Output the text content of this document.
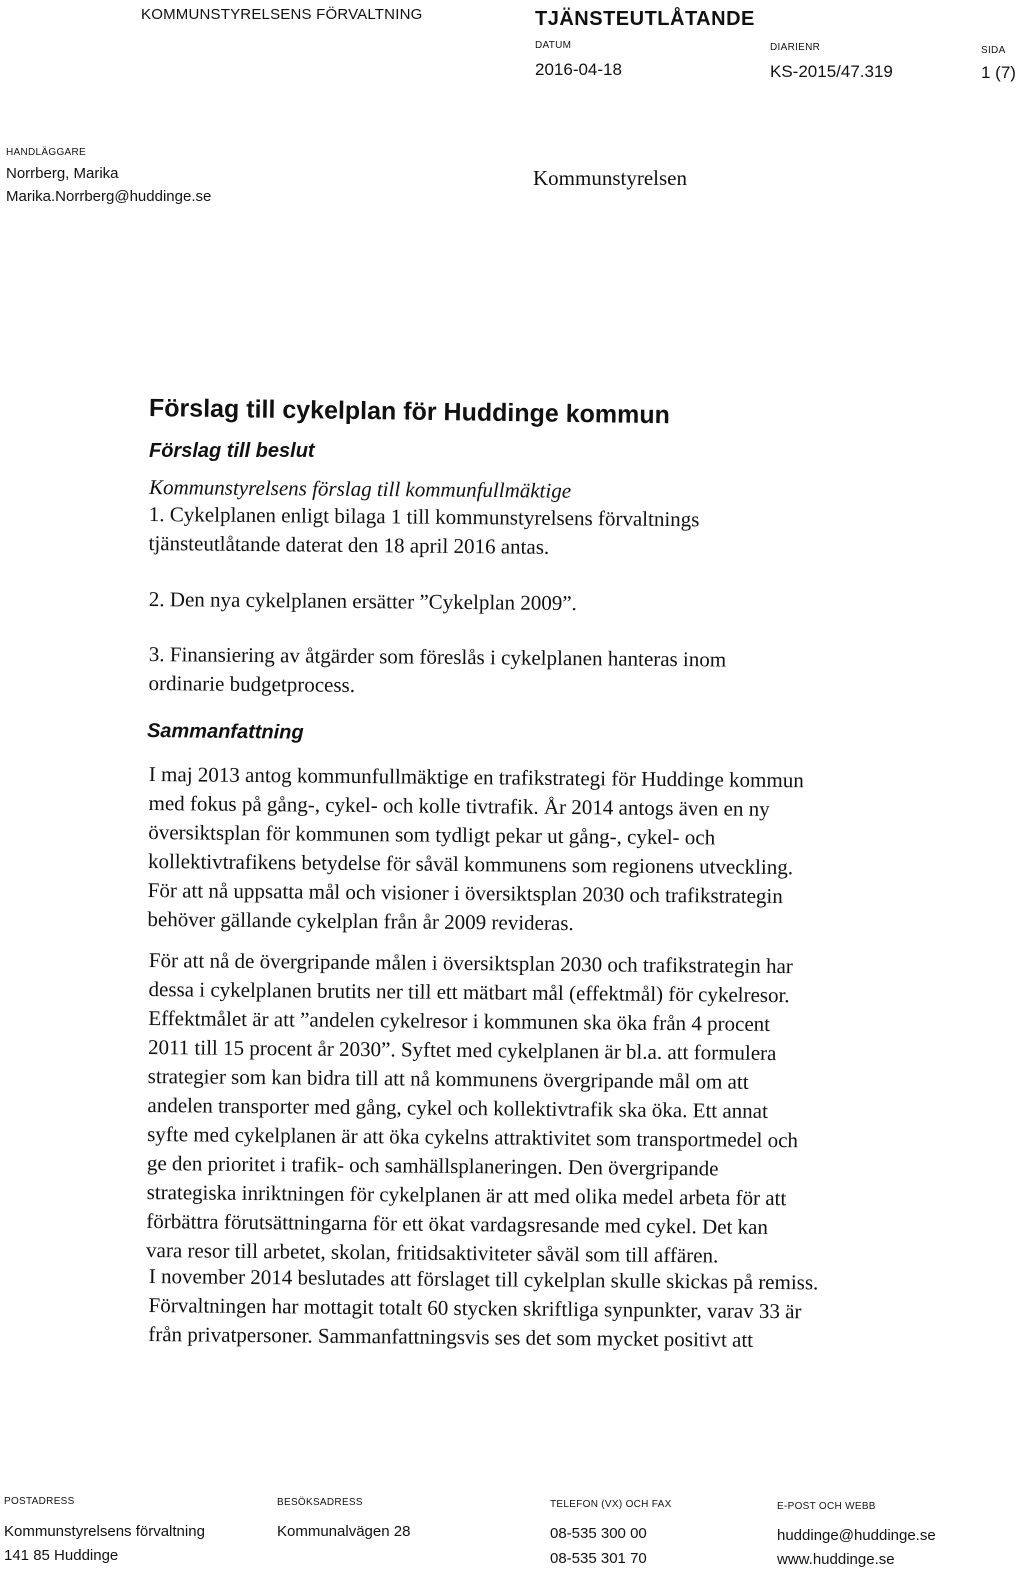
KOMMUNSTYRELSENS FÖRVALTNING	TJÄNSTEUTLÅTANDE
DATUM
2016-04-18
DIARIENR
KS-2015/47.319
SIDA
1 (7)
HANDLÄGGARE
Norrberg, Marika
Marika.Norrberg@huddinge.se
Kommunstyrelsen
Förslag till cykelplan för Huddinge kommun
Förslag till beslut
Kommunstyrelsens förslag till kommunfullmäktige

1. Cykelplanen enligt bilaga 1 till kommunstyrelsens förvaltnings

tjänsteutlåtande daterat den 18 april 2016 antas.

2. Den nya cykelplanen ersätter ”Cykelplan 2009”.

3. Finansiering av åtgärder som föreslås i cykelplanen hanteras inom

ordinarie budgetprocess.

Sammanfattning

I maj 2013 antog kommunfullmäktige en trafikstrategi för Huddinge kommun

med fokus på gång-, cykel- och kolle tivtrafik. År 2014 antogs även en ny

översiktsplan för kommunen som tydligt pekar ut gång-, cykel- och

kollektivtrafikens betydelse för såväl kommunens som regionens utveckling.

För att nå uppsatta mål och visioner i översiktsplan 2030 och trafikstrategin

behöver gällande cykelplan från år 2009 revideras.

För att nå de övergripande målen i översiktsplan 2030 och trafikstrategin har

dessa i cykelplanen brutits ner till ett mätbart mål (effektmål) för cykelresor.

Effektmålet är att ”andelen cykelresor i kommunen ska öka från 4 procent

2011 till 15 procent år 2030”. Syftet med cykelplanen är bl.a. att formulera

strategier som kan bidra till att nå kommunens övergripande mål om att

andelen transporter med gång, cykel och kollektivtrafik ska öka. Ett annat

syfte med cykelplanen är att öka cykelns attraktivitet som transportmedel och

ge den prioritet i trafik- och samhällsplaneringen. Den övergripande

strategiska inriktningen för cykelplanen är att med olika medel arbeta för att

förbättra förutsättningarna för ett ökat vardagsresande med cykel. Det kan

vara resor till arbetet, skolan, fritidsaktiviteter såväl som till affären.

I november 2014 beslutades att förslaget till cykelplan skulle skickas på remiss.

Förvaltningen har mottagit totalt 60 stycken skriftliga synpunkter, varav 33 är

från privatpersoner. Sammanfattningsvis ses det som mycket positivt att

POSTADRESS
Kommunstyrelsens förvaltning
141 85 Huddinge
BESÖKSADRESS
Kommunalvägen 28
TELEFON (VX) OCH FAX
08-535 300 00
08-535 301 70
E-POST OCH WEBB
huddinge@huddinge.se
www.huddinge.se
